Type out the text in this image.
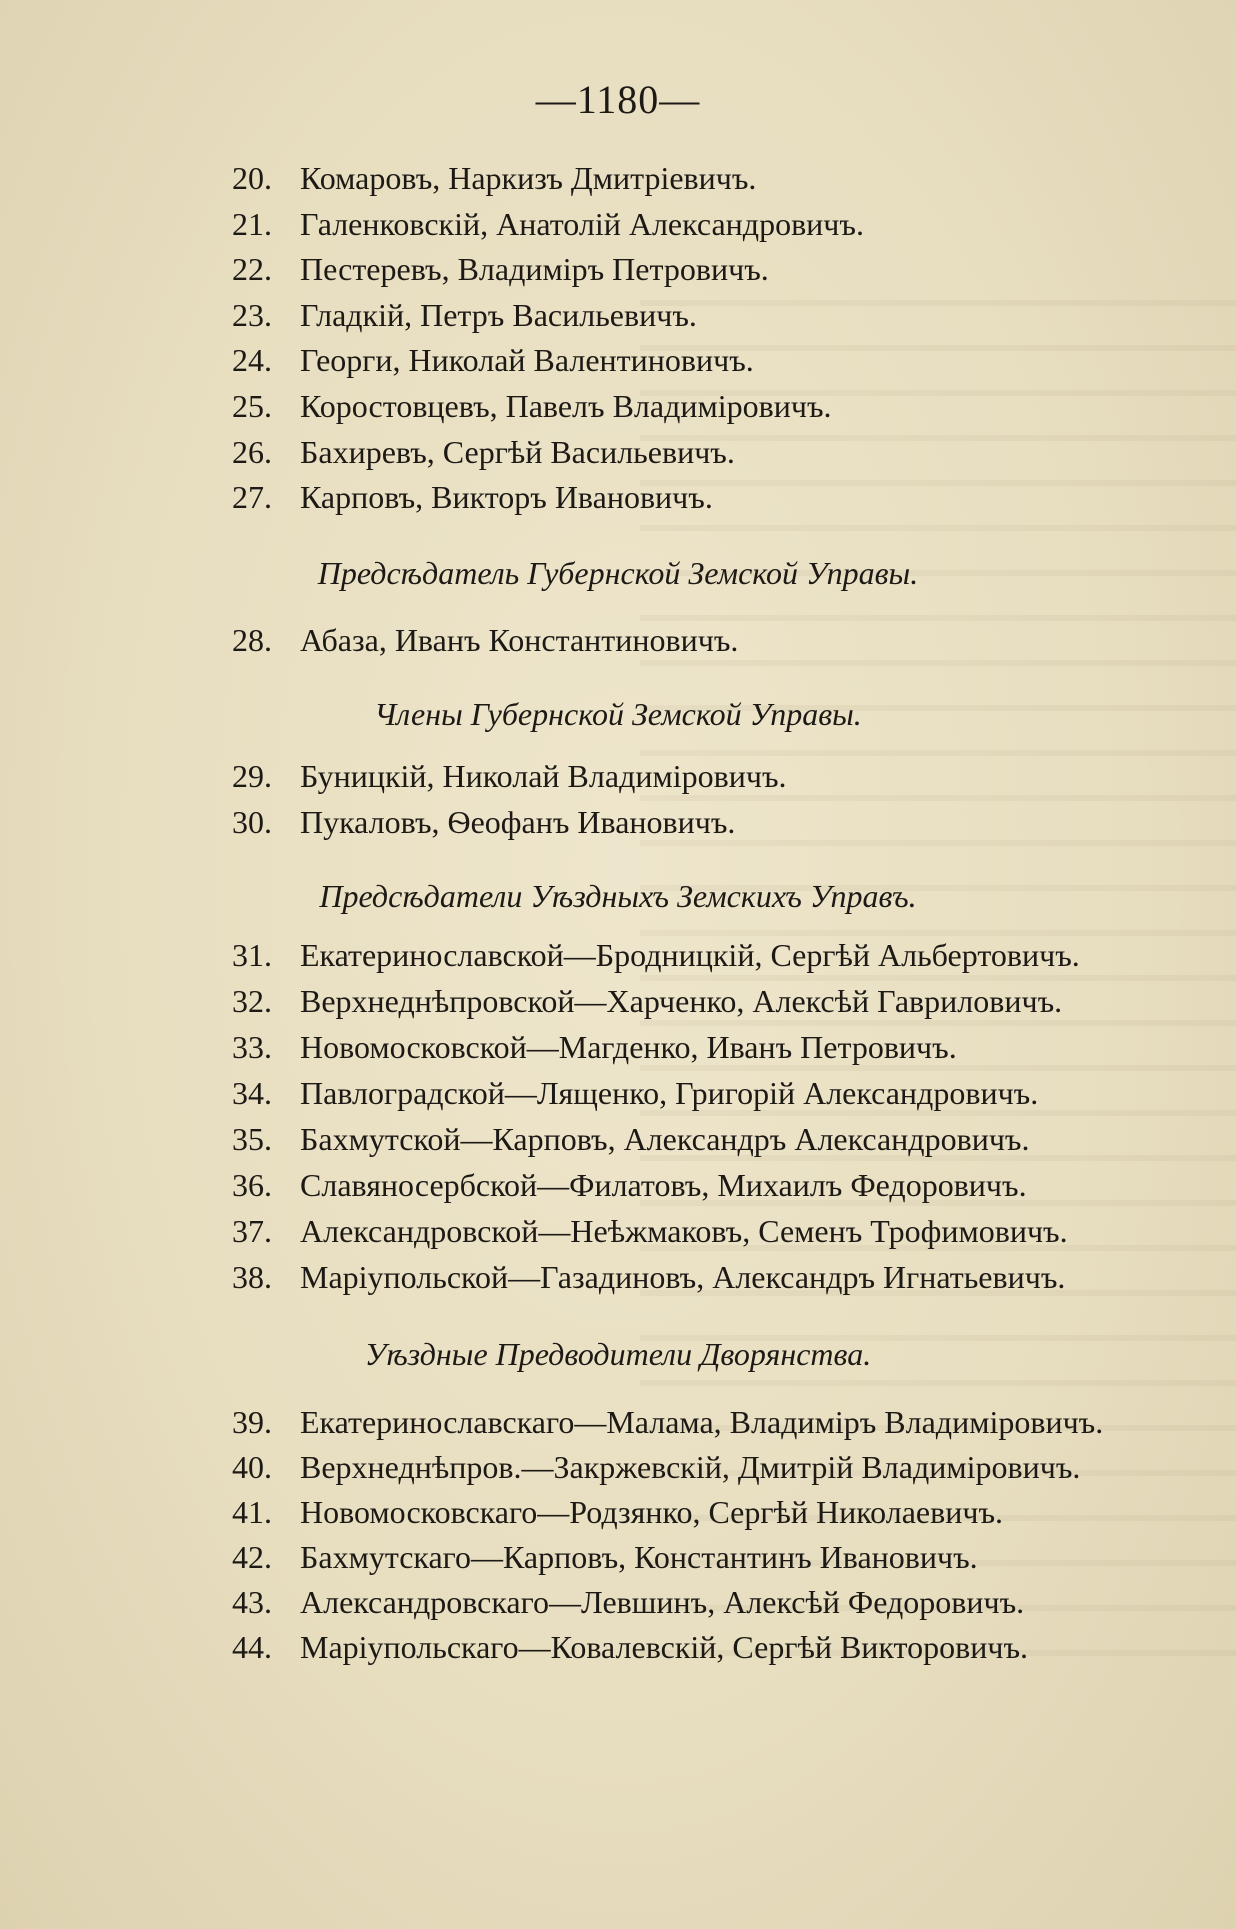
—1180—
20. Комаровъ, Наркизъ Дмитріевичъ.
21. Галенковскій, Анатолій Александровичъ.
22. Пестеревъ, Владиміръ Петровичъ.
23. Гладкій, Петръ Васильевичъ.
24. Георги, Николай Валентиновичъ.
25. Коростовцевъ, Павелъ Владиміровичъ.
26. Бахиревъ, Сергѣй Васильевичъ.
27. Карповъ, Викторъ Ивановичъ.
Предсѣдатель Губернской Земской Управы.
28. Абаза, Иванъ Константиновичъ.
Члены Губернской Земской Управы.
29. Буницкій, Николай Владиміровичъ.
30. Пукаловъ, Ѳеофанъ Ивановичъ.
Предсѣдатели Уѣздныхъ Земскихъ Управъ.
31. Екатеринославской—Бродницкій, Сергѣй Альбертовичъ.
32. Верхнеднѣпровской—Харченко, Алексѣй Гавриловичъ.
33. Новомосковской—Магденко, Иванъ Петровичъ.
34. Павлоградской—Лященко, Григорій Александровичъ.
35. Бахмутской—Карповъ, Александръ Александровичъ.
36. Славяносербской—Филатовъ, Михаилъ Федоровичъ.
37. Александровской—Неѣжмаковъ, Семенъ Трофимовичъ.
38. Маріупольской—Газадиновъ, Александръ Игнатьевичъ.
Уѣздные Предводители Дворянства.
39. Екатеринославскаго—Малама, Владиміръ Владиміровичъ.
40. Верхнеднѣпров.—Закржевскій, Дмитрій Владиміровичъ.
41. Новомосковскаго—Родзянко, Сергѣй Николаевичъ.
42. Бахмутскаго—Карповъ, Константинъ Ивановичъ.
43. Александровскаго—Левшинъ, Алексѣй Федоровичъ.
44. Маріупольскаго—Ковалевскій, Сергѣй Викторовичъ.
